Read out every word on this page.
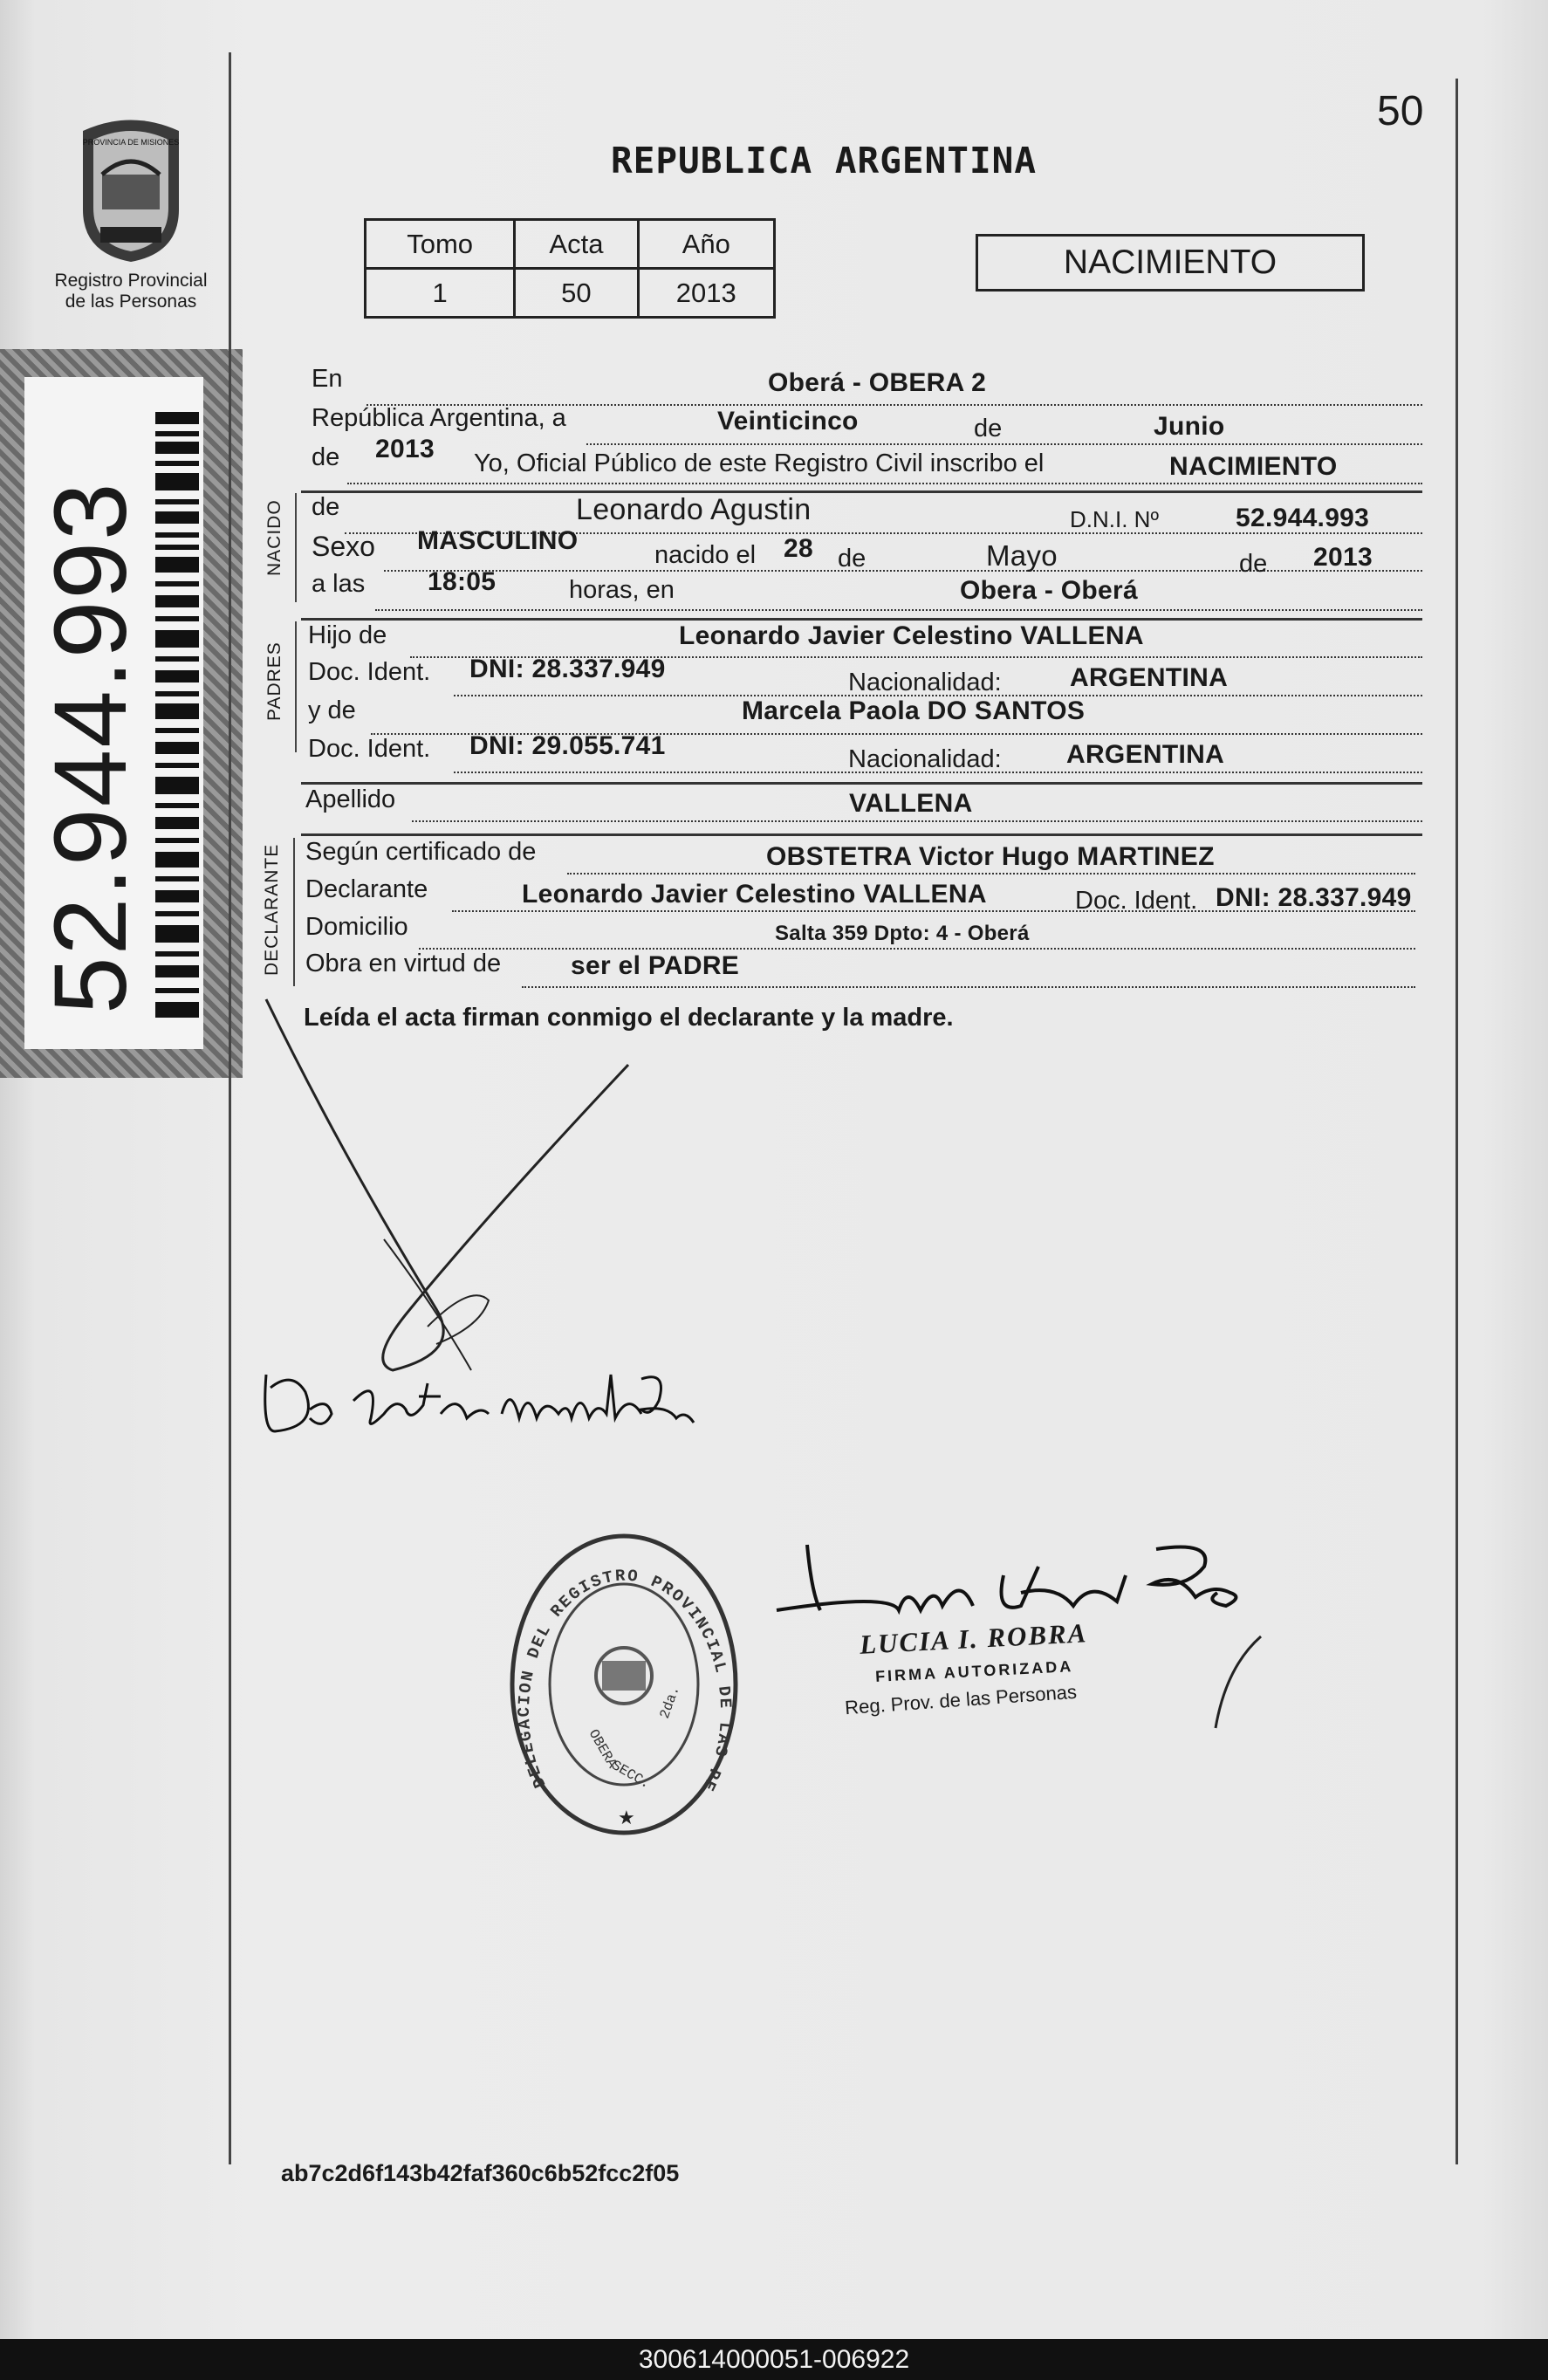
PROVINCIA DE MISIONES
Registro Provincial
de las Personas
52.944.993
50
REPUBLICA ARGENTINA
Tomo	Acta	Año
1	50	2013
NACIMIENTO
En	Oberá - OBERA 2
República Argentina, a	Veinticinco	de	Junio
de 2013 Yo, Oficial Público de este Registro Civil inscribo el	NACIMIENTO
NACIDO de	Leonardo Agustin	D.N.I. Nº	52.944.993
Sexo MASCULINO	nacido el 28 de	Mayo	de 2013
a las 18:05	horas, en	Obera - Oberá
PADRES
Hijo de	Leonardo Javier Celestino VALLENA
Doc. Ident. DNI: 28.337.949	Nacionalidad:	ARGENTINA
y de	Marcela Paola DO SANTOS
Doc. Ident. DNI: 29.055.741	Nacionalidad: ARGENTINA
Apellido	VALLENA
DECLARANTE Según certificado de	OBSTETRA Victor Hugo MARTINEZ
Declarante	Leonardo Javier Celestino VALLENA	Doc. Ident. DNI: 28.337.949
Domicilio	Salta 359 Dpto: 4 - Oberá
Obra en virtud de	ser el PADRE
Leída el acta firman conmigo el declarante y la madre.
DELEGACION DEL REGISTRO PROVINCIAL DE LAS PE
OBERA
2da.
SECC.
★
LUCIA I. ROBRA
FIRMA AUTORIZADA
Reg. Prov. de las Personas
ab7c2d6f143b42faf360c6b52fcc2f05
300614000051-006922
